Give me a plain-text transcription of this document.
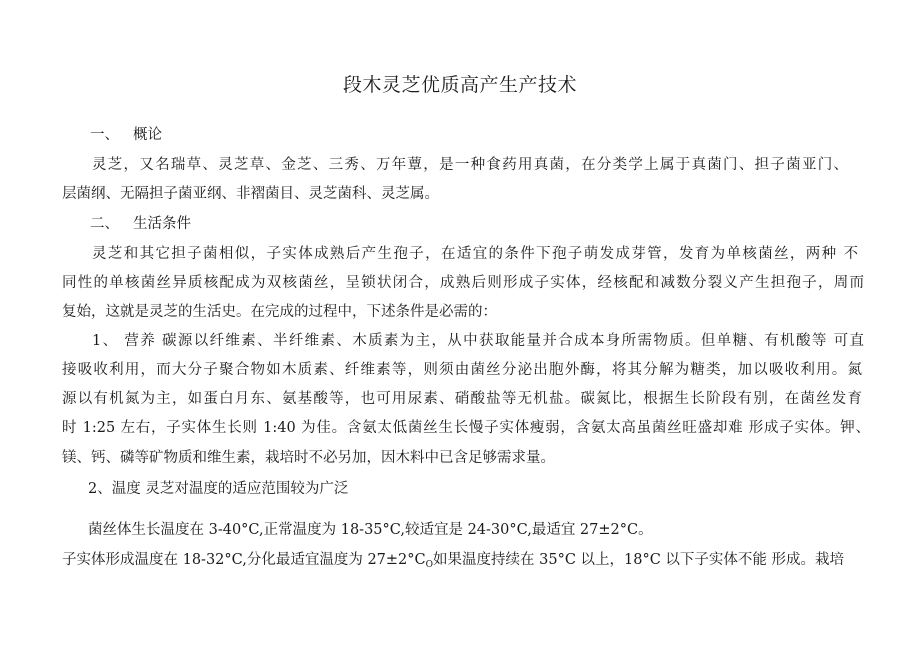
段木灵芝优质高产生产技术
一、 概论
灵芝，又名瑞草、灵芝草、金芝、三秀、万年蕈，是一种食药用真菌，在分类学上属于真菌门、担子菌亚门、
层菌纲、无隔担子菌亚纲、非褶菌目、灵芝菌科、灵芝属。
二、 生活条件
灵芝和其它担子菌相似，子实体成熟后产生孢子，在适宜的条件下孢子萌发成芽管，发育为单核菌丝，两种 不
同性的单核菌丝异质核配成为双核菌丝，呈锁状闭合，成熟后则形成子实体，经核配和减数分裂义产生担孢子，周而
复始，这就是灵芝的生活史。在完成的过程中，下述条件是必需的：
1、 营养 碳源以纤维素、半纤维素、木质素为主，从中获取能量并合成本身所需物质。但单糖、有机酸等 可直
接吸收利用，而大分子聚合物如木质素、纤维素等，则须由菌丝分泌出胞外酶，将其分解为糖类，加以吸收利用。氮
源以有机氮为主，如蛋白月东、氨基酸等，也可用尿素、硝酸盐等无机盐。碳氮比，根据生长阶段有别，在菌丝发育
时 1:25 左右，子实体生长则 1:40 为佳。含氨太低菌丝生长慢子实体瘦弱，含氨太高虽菌丝旺盛却难 形成子实体。钾、
镁、钙、磷等矿物质和维生素，栽培时不必另加，因木料中已含足够需求量。
2、温度 灵芝对温度的适应范围较为广泛
菌丝体生长温度在 3-40°C,正常温度为 18-35°C,较适宜是 24-30°C,最适宜 27±2°C。
子实体形成温度在 18-32°C,分化最适宜温度为 $27\pm 2^\circ C_O$如果温度持续在 35°C 以上，18°C 以下子实体不能 形成。栽培
